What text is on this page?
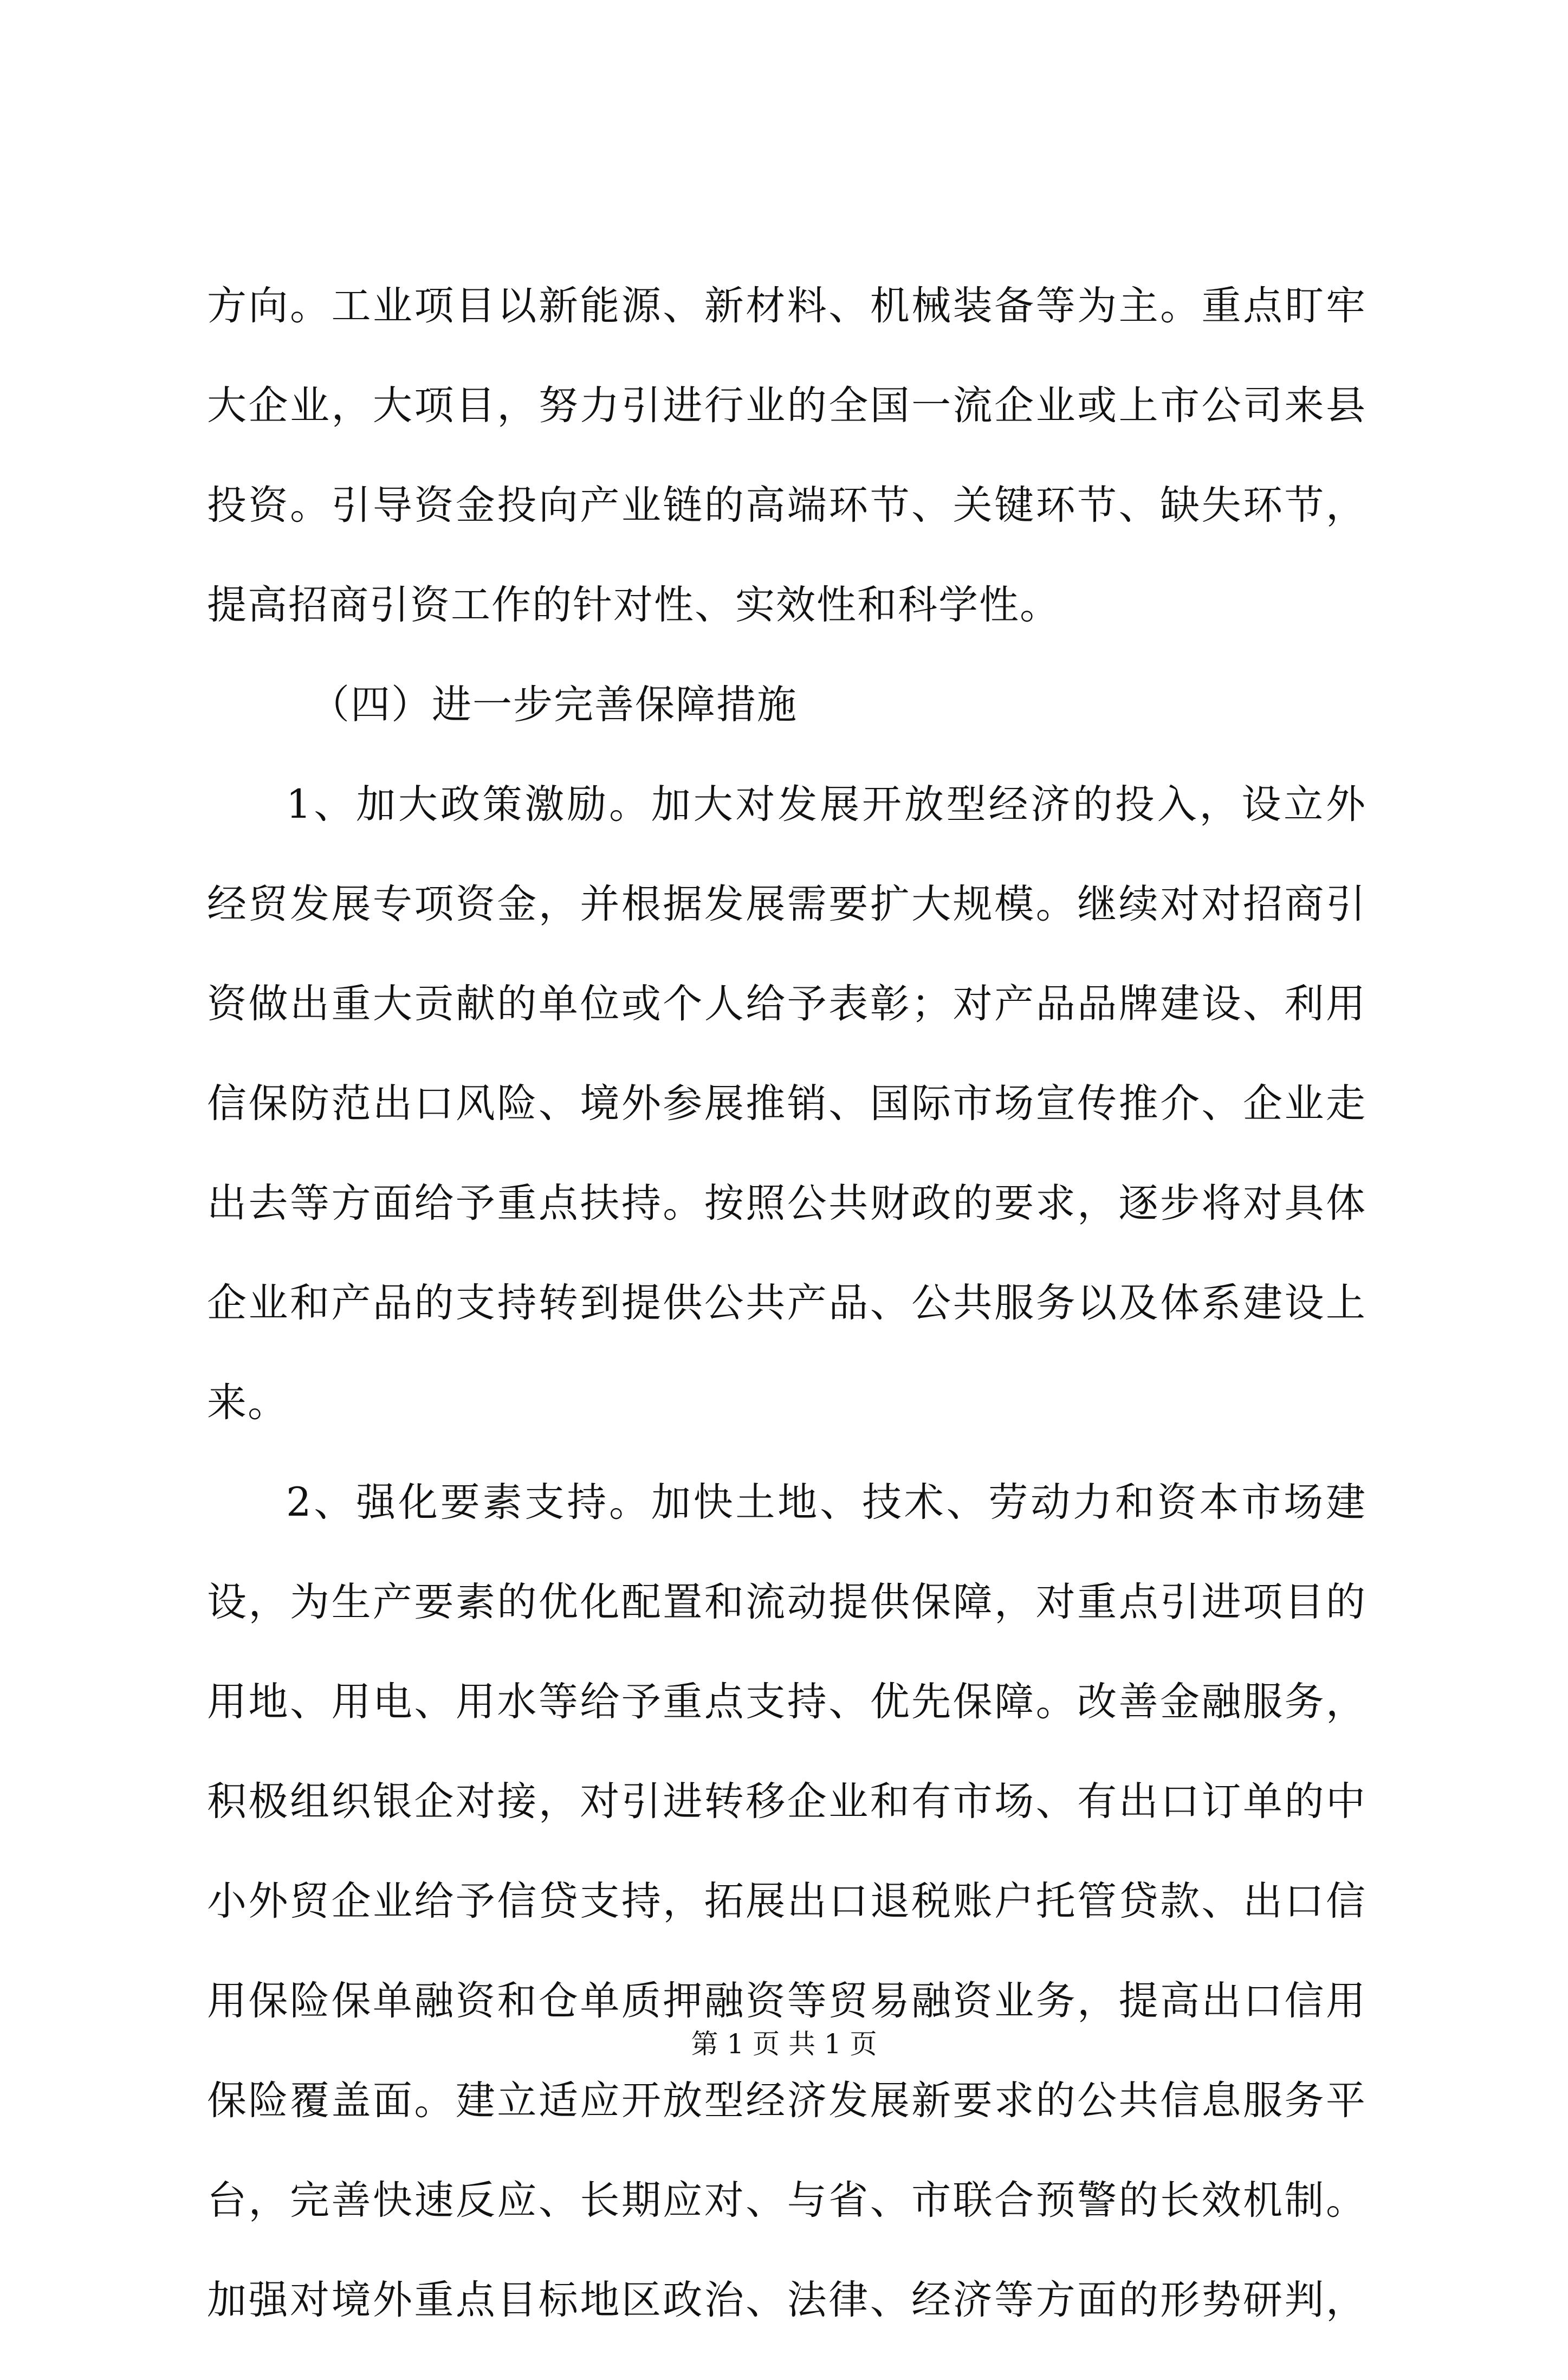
方向。工业项目以新能源、新材料、机械装备等为主。重点盯牢
大企业，大项目，努力引进行业的全国一流企业或上市公司来县
投资。引导资金投向产业链的高端环节、关键环节、缺失环节，
提高招商引资工作的针对性、实效性和科学性。
（四）进一步完善保障措施
1、加大政策激励。加大对发展开放型经济的投入，设立外
经贸发展专项资金，并根据发展需要扩大规模。继续对对招商引
资做出重大贡献的单位或个人给予表彰；对产品品牌建设、利用
信保防范出口风险、境外参展推销、国际市场宣传推介、企业走
出去等方面给予重点扶持。按照公共财政的要求，逐步将对具体
企业和产品的支持转到提供公共产品、公共服务以及体系建设上
来。
2、强化要素支持。加快土地、技术、劳动力和资本市场建
设，为生产要素的优化配置和流动提供保障，对重点引进项目的
用地、用电、用水等给予重点支持、优先保障。改善金融服务，
积极组织银企对接，对引进转移企业和有市场、有出口订单的中
小外贸企业给予信贷支持，拓展出口退税账户托管贷款、出口信
用保险保单融资和仓单质押融资等贸易融资业务，提高出口信用
保险覆盖面。建立适应开放型经济发展新要求的公共信息服务平
台，完善快速反应、长期应对、与省、市联合预警的长效机制。
加强对境外重点目标地区政治、法律、经济等方面的形势研判，
第 1 页 共 1 页
